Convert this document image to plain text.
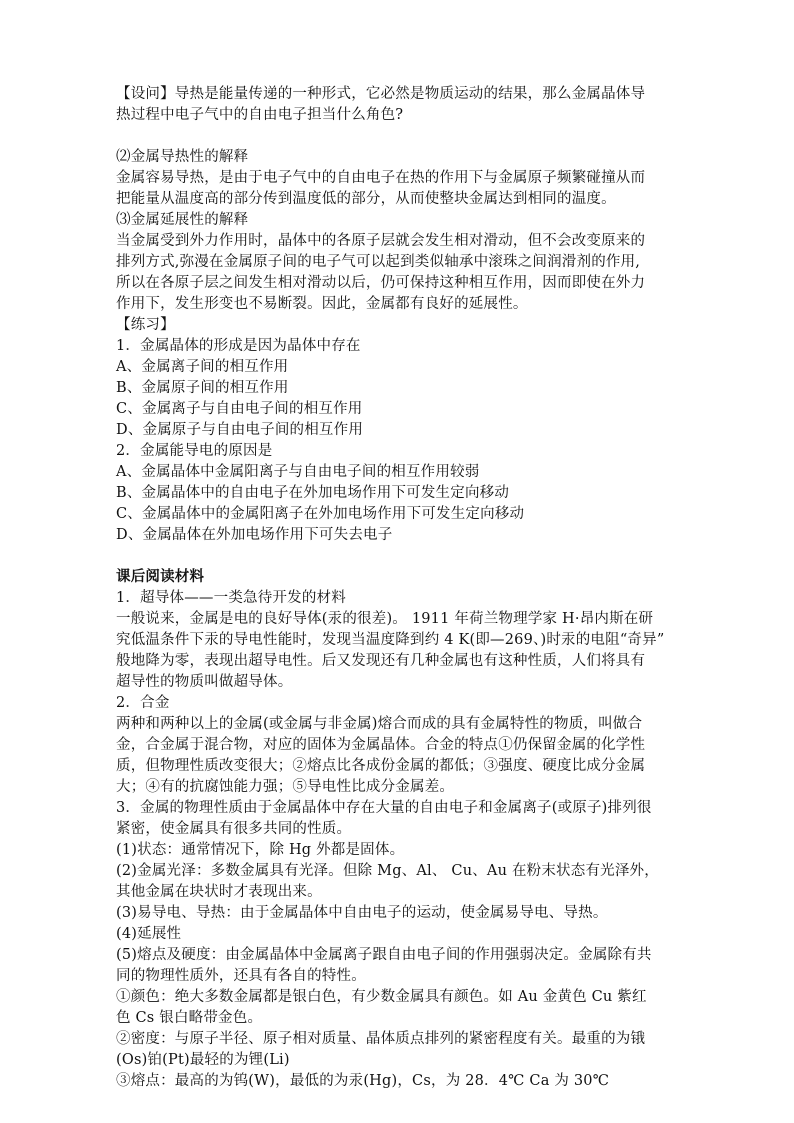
【设问】导热是能量传递的一种形式，它必然是物质运动的结果，那么金属晶体导

热过程中电子气中的自由电子担当什么角色?

⑵金属导热性的解释

金属容易导热，是由于电子气中的自由电子在热的作用下与金属原子频繁碰撞从而

把能量从温度高的部分传到温度低的部分，从而使整块金属达到相同的温度。

⑶金属延展性的解释

当金属受到外力作用时，晶体中的各原子层就会发生相对滑动，但不会改变原来的

排列方式,弥漫在金属原子间的电子气可以起到类似轴承中滚珠之间润滑剂的作用,

所以在各原子层之间发生相对滑动以后，仍可保持这种相互作用，因而即使在外力

作用下，发生形变也不易断裂。因此，金属都有良好的延展性。

【练习】

1．金属晶体的形成是因为晶体中存在

A、金属离子间的相互作用

B、金属原子间的相互作用

C、金属离子与自由电子间的相互作用

D、金属原子与自由电子间的相互作用

2．金属能导电的原因是

A、金属晶体中金属阳离子与自由电子间的相互作用较弱

B、金属晶体中的自由电子在外加电场作用下可发生定向移动

C、金属晶体中的金属阳离子在外加电场作用下可发生定向移动

D、金属晶体在外加电场作用下可失去电子

课后阅读材料

1．超导体——一类急待开发的材料

一般说来，金属是电的良好导体(汞的很差)。 1911 年荷兰物理学家 H·昂内斯在研

究低温条件下汞的导电性能时，发现当温度降到约 4 K(即—269、)时汞的电阻“奇异”

般地降为零，表现出超导电性。后又发现还有几种金属也有这种性质，人们将具有

超导性的物质叫做超导体。

2．合金

两种和两种以上的金属(或金属与非金属)熔合而成的具有金属特性的物质，叫做合

金，合金属于混合物，对应的固体为金属晶体。合金的特点①仍保留金属的化学性

质，但物理性质改变很大；②熔点比各成份金属的都低；③强度、硬度比成分金属

大；④有的抗腐蚀能力强；⑤导电性比成分金属差。

3．金属的物理性质由于金属晶体中存在大量的自由电子和金属离子(或原子)排列很

紧密，使金属具有很多共同的性质。

(1)状态：通常情况下，除 Hg 外都是固体。

(2)金属光泽：多数金属具有光泽。但除 Mg、Al、 Cu、Au 在粉末状态有光泽外，

其他金属在块状时才表现出来。

(3)易导电、导热：由于金属晶体中自由电子的运动，使金属易导电、导热。

(4)延展性

(5)熔点及硬度：由金属晶体中金属离子跟自由电子间的作用强弱决定。金属除有共

同的物理性质外，还具有各自的特性。

①颜色：绝大多数金属都是银白色，有少数金属具有颜色。如 Au 金黄色 Cu 紫红

色 Cs 银白略带金色。

②密度：与原子半径、原子相对质量、晶体质点排列的紧密程度有关。最重的为锇

(Os)铂(Pt)最轻的为锂(Li)

③熔点：最高的为钨(W)，最低的为汞(Hg)，Cs，为 28．4℃ Ca 为 30℃
